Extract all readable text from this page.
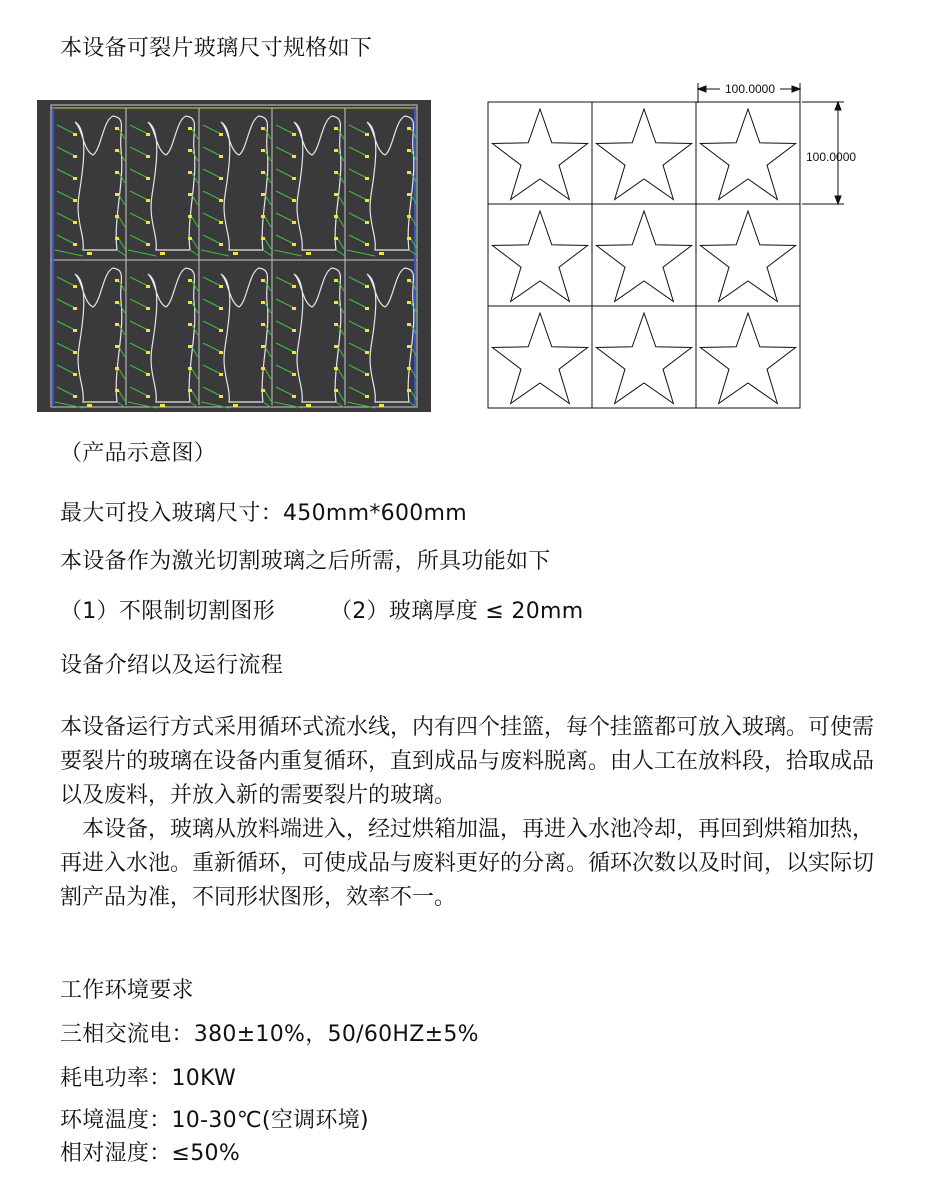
本设备可裂片玻璃尺寸规格如下
100.0000
100.0000
（产品示意图）
最大可投入玻璃尺寸：450mm*600mm
本设备作为激光切割玻璃之后所需，所具功能如下
（1）不限制切割图形	（2）玻璃厚度 ≤ 20mm
设备介绍以及运行流程

本设备运行方式采用循环式流水线，内有四个挂篮，每个挂篮都可放入玻璃。可使需要裂片的玻璃在设备内重复循环，直到成品与废料脱离。由人工在放料段，拾取成品以及废料，并放入新的需要裂片的玻璃。

本设备，玻璃从放料端进入，经过烘箱加温，再进入水池冷却，再回到烘箱加热，再进入水池。重新循环，可使成品与废料更好的分离。循环次数以及时间，以实际切割产品为准，不同形状图形，效率不一。

工作环境要求
三相交流电：380±10%，50/60HZ±5%
耗电功率：10KW
环境温度：10-30℃(空调环境)
相对湿度：≤50%
